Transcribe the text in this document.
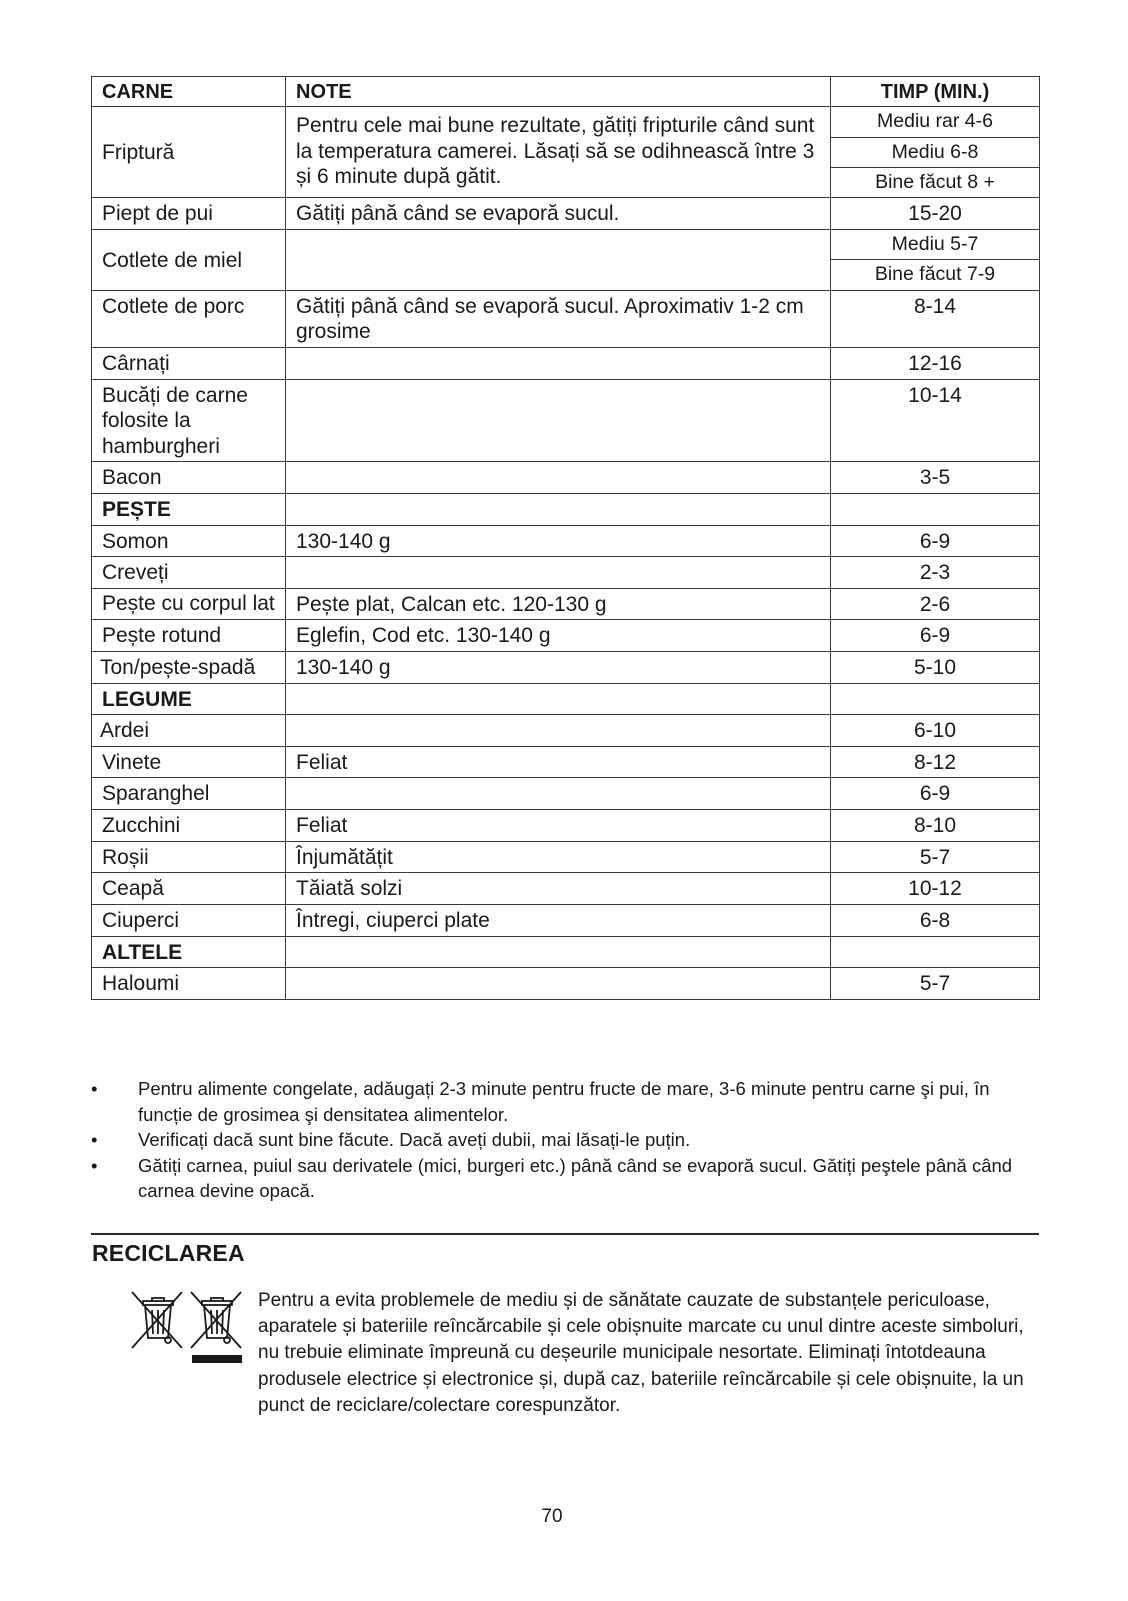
CARNE	NOTE	TIMP (MIN.)
Friptură	Pentru cele mai bune rezultate, gătiți fripturile când sunt la temperatura camerei. Lăsați să se odihnească între 3 și 6 minute după gătit.	Mediu rar 4-6
		Mediu 6-8
		Bine făcut 8 +
Piept de pui	Gătiți până când se evaporă sucul.	15-20
Cotlete de miel		Mediu 5-7
		Bine făcut 7-9
Cotlete de porc	Gătiți până când se evaporă sucul. Aproximativ 1-2 cm grosime	8-14
Cârnați		12-16
Bucăți de carne folosite la hamburgheri		10-14
Bacon		3-5
PEȘTE		
Somon	130-140 g	6-9
Creveți		2-3
Pește cu corpul lat	Pește plat, Calcan etc. 120-130 g	2-6
Pește rotund	Eglefin, Cod etc. 130-140 g	6-9
Ton/pește-spadă	130-140 g	5-10
LEGUME		
Ardei		6-10
Vinete	Feliat	8-12
Sparanghel		6-9
Zucchini	Feliat	8-10
Roșii	Înjumătățit	5-7
Ceapă	Tăiată solzi	10-12
Ciuperci	Întregi, ciuperci plate	6-8
ALTELE		
Haloumi		5-7
• Pentru alimente congelate, adăugați 2-3 minute pentru fructe de mare, 3-6 minute pentru carne şi pui, în funcție de grosimea şi densitatea alimentelor.
• Verificați dacă sunt bine făcute. Dacă aveți dubii, mai lăsați-le puțin.
• Gătiți carnea, puiul sau derivatele (mici, burgeri etc.) până când se evaporă sucul. Gătiți peştele până când carnea devine opacă.
RECICLAREA
Pentru a evita problemele de mediu și de sănătate cauzate de substanțele periculoase, aparatele și bateriile reîncărcabile și cele obișnuite marcate cu unul dintre aceste simboluri, nu trebuie eliminate împreună cu deșeurile municipale nesortate. Eliminați întotdeauna produsele electrice și electronice și, după caz, bateriile reîncărcabile și cele obișnuite, la un punct de reciclare/colectare corespunzător.
70
